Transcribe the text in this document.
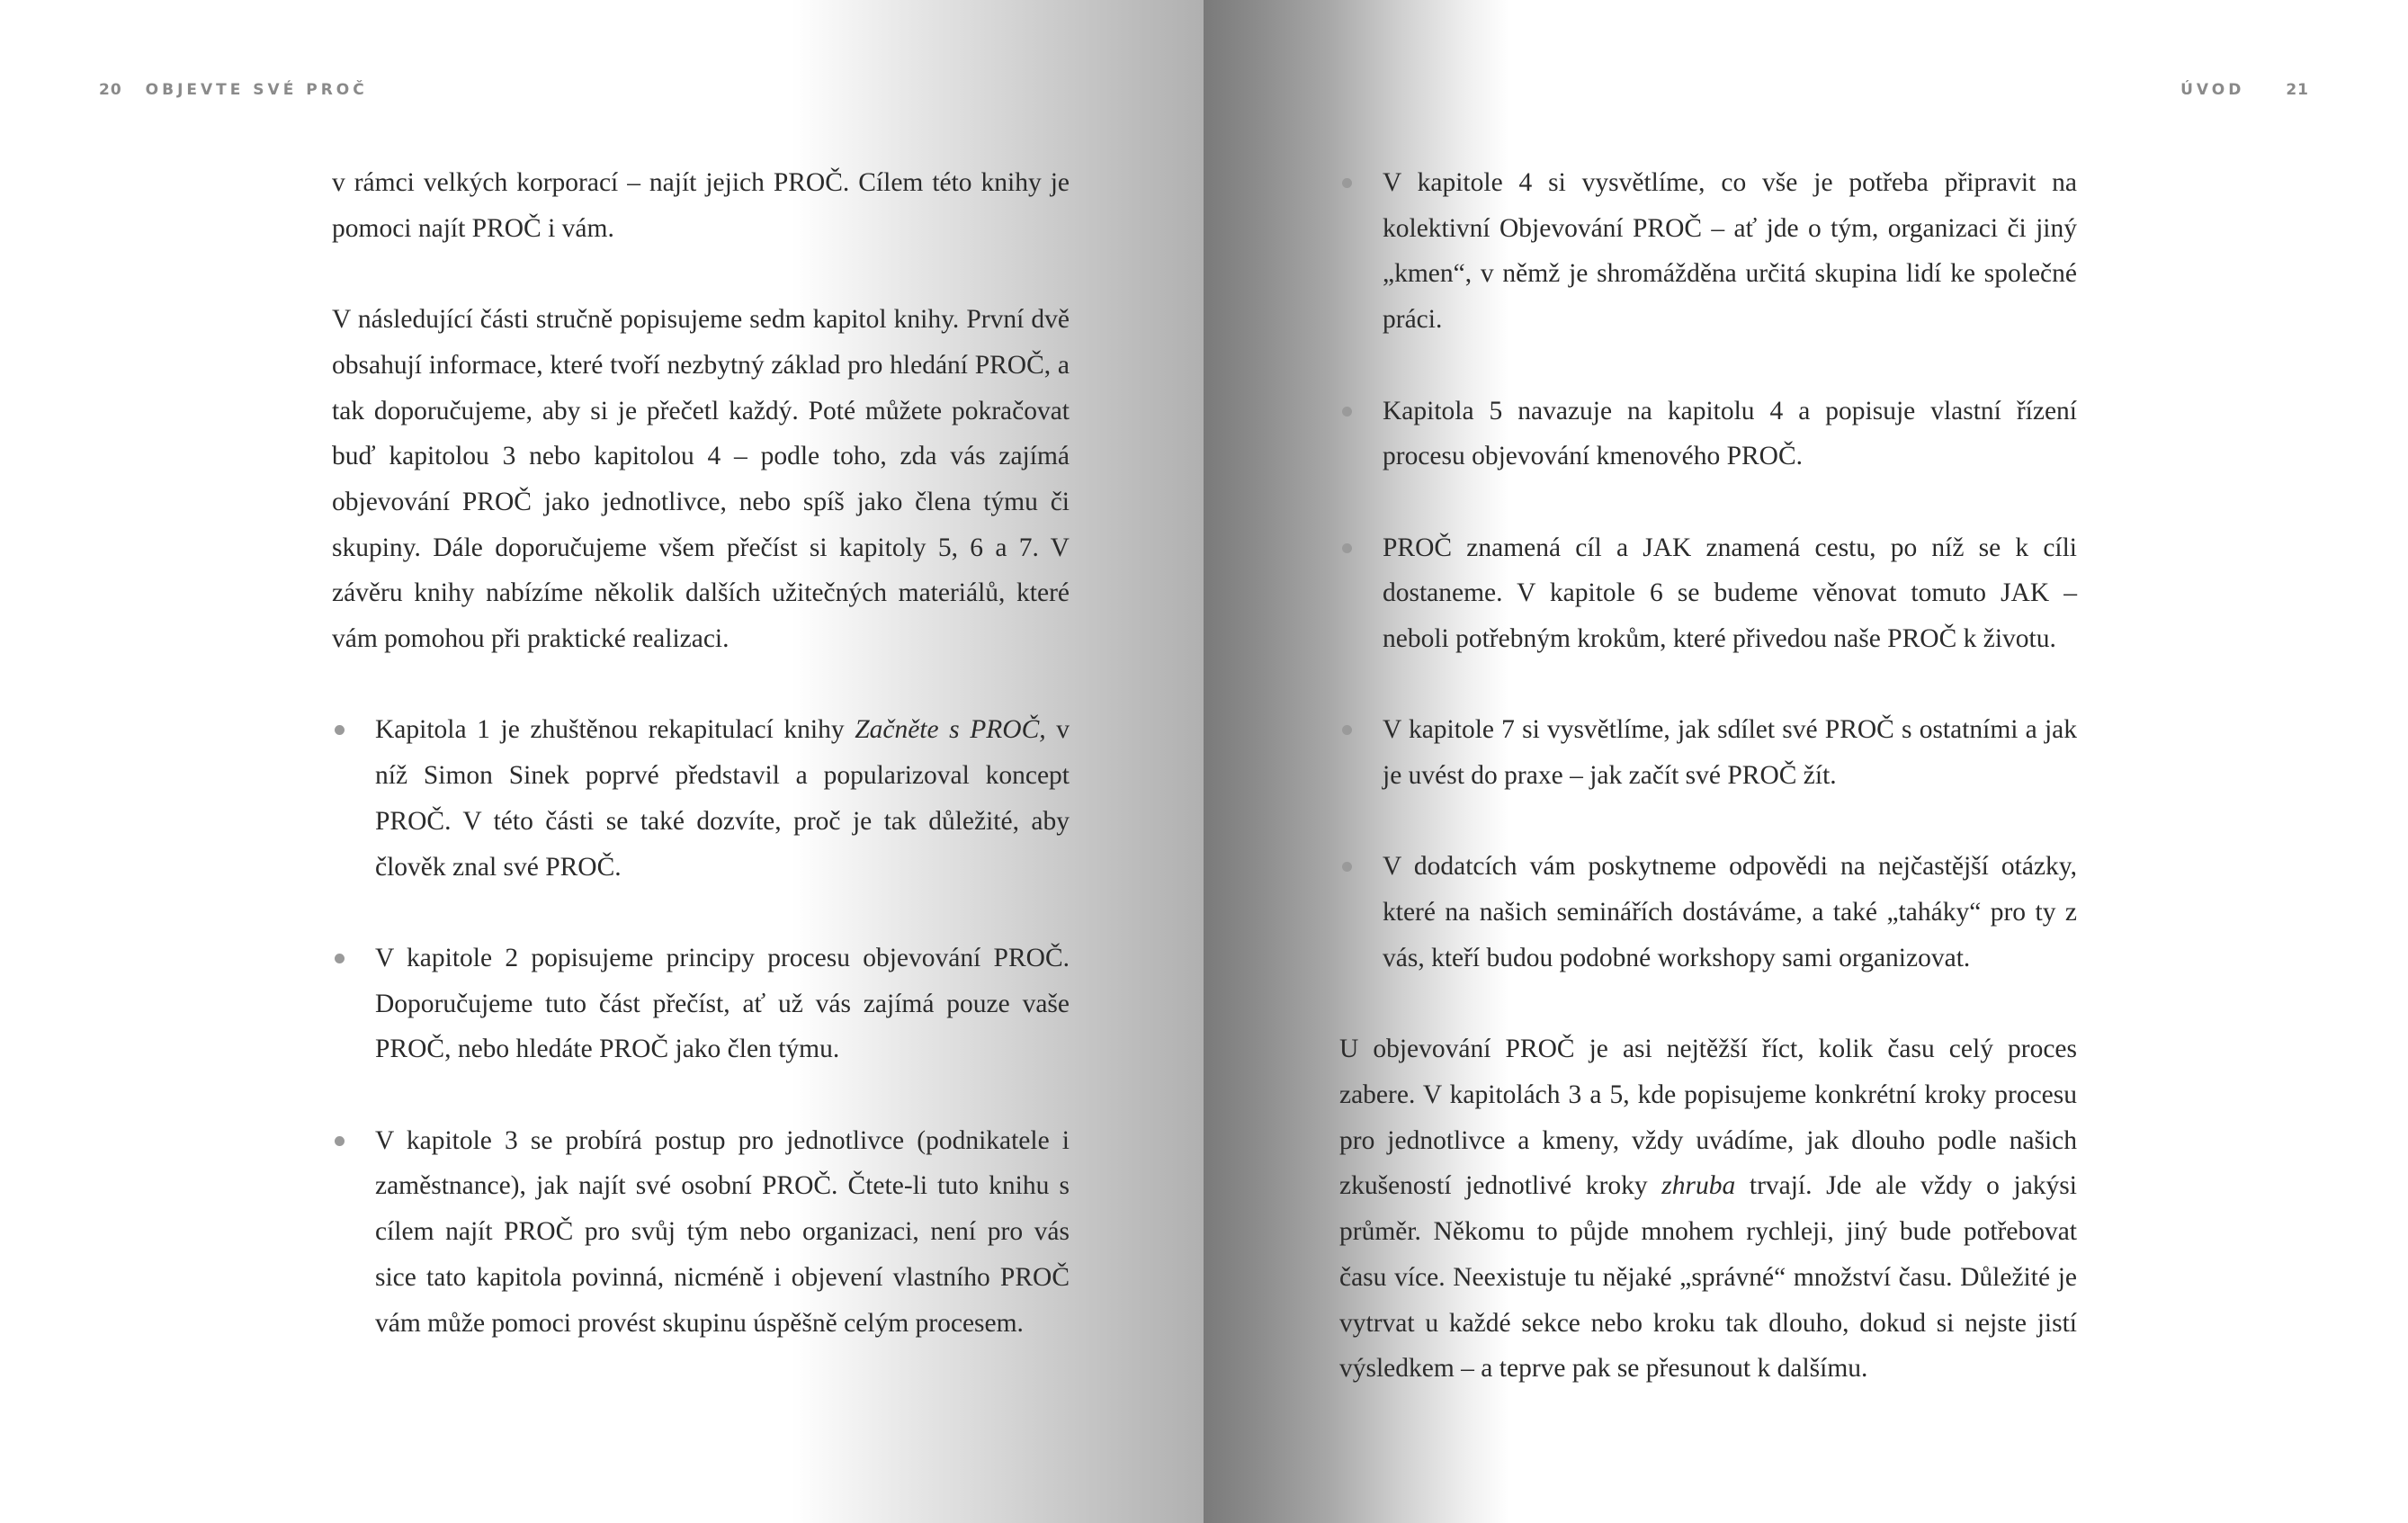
20 OBJEVTE SVÉ PROČ	ÚVOD	21

v rámci velkých korporací – najít jejich PROČ. Cílem této knihy je pomoci najít PROČ i vám.

V následující části stručně popisujeme sedm kapitol knihy. První dvě obsahují informace, které tvoří nezbytný základ pro hledání PROČ, a tak doporučujeme, aby si je přečetl každý. Poté můžete pokračovat buď kapitolou 3 nebo kapitolou 4 – podle toho, zda vás zajímá objevování PROČ jako jednotlivce, nebo spíš jako člena týmu či skupiny. Dále doporučujeme všem přečíst si kapitoly 5, 6 a 7. V závěru knihy nabízíme několik dalších užitečných materiálů, které vám pomohou při praktické realizaci.

Kapitola 1 je zhuštěnou rekapitulací knihy Začněte s PROČ, v níž Simon Sinek poprvé představil a popularizoval koncept PROČ. V této části se také dozvíte, proč je tak důležité, aby člověk znal své PROČ.

V kapitole 2 popisujeme principy procesu objevování PROČ. Doporučujeme tuto část přečíst, ať už vás zajímá pouze vaše PROČ, nebo hledáte PROČ jako člen týmu.

V kapitole 3 se probírá postup pro jednotlivce (podnikatele i zaměstnance), jak najít své osobní PROČ. Čtete-li tuto knihu s cílem najít PROČ pro svůj tým nebo organizaci, není pro vás sice tato kapitola povinná, nicméně i objevení vlastního PROČ vám může pomoci provést skupinu úspěšně celým procesem.

V kapitole 4 si vysvětlíme, co vše je potřeba připravit na kolektivní Objevování PROČ – ať jde o tým, organizaci či jiný „kmen“, v němž je shromážděna určitá skupina lidí ke společné práci.

Kapitola 5 navazuje na kapitolu 4 a popisuje vlastní řízení procesu objevování kmenového PROČ.

PROČ znamená cíl a JAK znamená cestu, po níž se k cíli dostaneme. V kapitole 6 se budeme věnovat tomuto JAK – neboli potřebným krokům, které přivedou naše PROČ k životu.

V kapitole 7 si vysvětlíme, jak sdílet své PROČ s ostatními a jak je uvést do praxe – jak začít své PROČ žít.

V dodatcích vám poskytneme odpovědi na nejčastější otázky, které na našich seminářích dostáváme, a také „taháky“ pro ty z vás, kteří budou podobné workshopy sami organizovat.

U objevování PROČ je asi nejtěžší říct, kolik času celý proces zabere. V kapitolách 3 a 5, kde popisujeme konkrétní kroky procesu pro jednotlivce a kmeny, vždy uvádíme, jak dlouho podle našich zkušeností jednotlivé kroky zhruba trvají. Jde ale vždy o jakýsi průměr. Někomu to půjde mnohem rychleji, jiný bude potřebovat času více. Neexistuje tu nějaké „správné“ množství času. Důležité je vytrvat u každé sekce nebo kroku tak dlouho, dokud si nejste jistí výsledkem – a teprve pak se přesunout k dalšímu.
